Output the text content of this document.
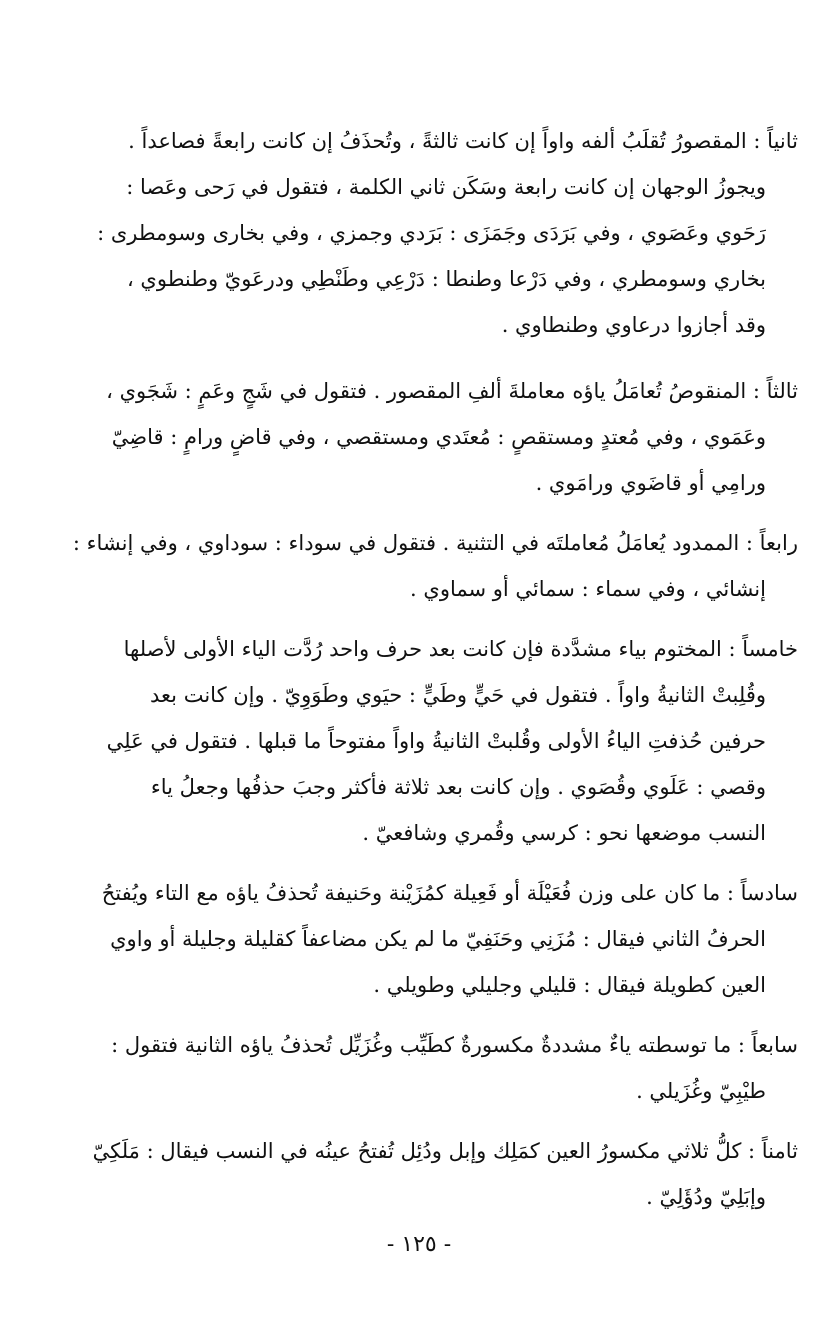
ثانياً : المقصورُ تُقلَبُ ألفه واواً إن كانت ثالثةً ، وتُحذَفُ إن كانت رابعةً فصاعداً .
ويجوزُ الوجهان إن كانت رابعة وسَكَن ثاني الكلمة ، فتقول في رَحى وعَصا :
رَحَوي وعَصَوي ، وفي بَرَدَى وجَمَزَى : بَرَدي وجمزي ، وفي بخارى وسومطرى :
بخاري وسومطري ، وفي دَرْعا وطنطا : دَرْعِي وطَنْطِي ودرعَويّ وطنطوي ،
وقد أجازوا درعاوي وطنطاوي .

ثالثاً : المنقوصُ تُعامَلُ ياؤه معاملةَ ألفِ المقصور . فتقول في شَجٍ وعَمٍ : شَجَوي ،
وعَمَوي ، وفي مُعتدٍ ومستقصٍ : مُعتَدي ومستقصي ، وفي قاضٍ ورامٍ : قاضِيّ
ورامِي أو قاضَوي ورامَوي .

رابعاً : الممدود يُعامَلُ مُعاملتَه في التثنية . فتقول في سوداء : سوداوي ، وفي إنشاء :
إنشائي ، وفي سماء : سمائي أو سماوي .

خامساً : المختوم بياء مشدَّدة فإن كانت بعد حرف واحد رُدَّت الياء الأولى لأصلها
وقُلِبتْ الثانيةُ واواً . فتقول في حَيٍّ وطَيٍّ : حيَوي وطَوَوِيّ . وإن كانت بعد
حرفين حُذفتِ الياءُ الأولى وقُلبتْ الثانيةُ واواً مفتوحاً ما قبلها . فتقول في عَلِي
وقصي : عَلَوي وقُصَوي . وإن كانت بعد ثلاثة فأكثر وجبَ حذفُها وجعلُ ياء
النسب موضعها نحو : كرسي وقُمري وشافعيّ .

سادساً : ما كان على وزن فُعَيْلَة أو فَعِيلة كمُزَيْنة وحَنيفة تُحذفُ ياؤه مع التاء ويُفتحُ
الحرفُ الثاني فيقال : مُزَنِي وحَنَفِيّ ما لم يكن مضاعفاً كقليلة وجليلة أو واوي
العين كطويلة فيقال : قليلي وجليلي وطويلي .

سابعاً : ما توسطته ياءٌ مشددةٌ مكسورةٌ كطَيِّب وغُزَيِّل تُحذفُ ياؤه الثانية فتقول :
طيْبِيّ وغُزَيلي .

ثامناً : كلُّ ثلاثي مكسورُ العين كمَلِك وإبل ودُئِل تُفتحُ عينُه في النسب فيقال : مَلَكِيّ
وإبَلِيّ ودُؤَلِيّ .

- ١٢٥ -
